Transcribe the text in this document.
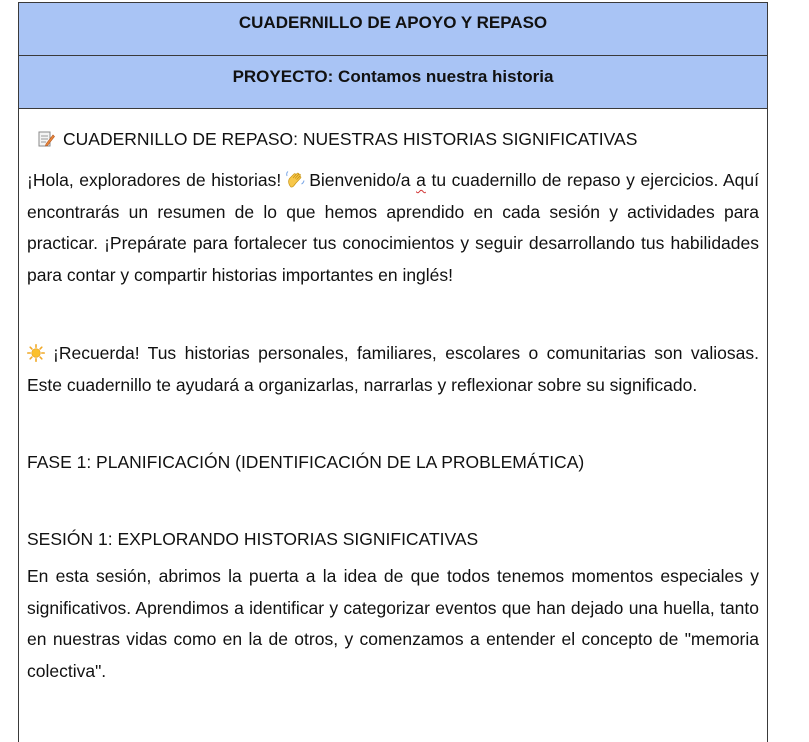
CUADERNILLO DE APOYO Y REPASO
PROYECTO: Contamos nuestra historia
CUADERNILLO DE REPASO: NUESTRAS HISTORIAS SIGNIFICATIVAS

¡Hola, exploradores de historias! Bienvenido/a a tu cuadernillo de repaso y ejercicios. Aquí encontrarás un resumen de lo que hemos aprendido en cada sesión y actividades para practicar. ¡Prepárate para fortalecer tus conocimientos y seguir desarrollando tus habilidades para contar y compartir historias importantes en inglés!

¡Recuerda! Tus historias personales, familiares, escolares o comunitarias son valiosas. Este cuadernillo te ayudará a organizarlas, narrarlas y reflexionar sobre su significado.

FASE 1: PLANIFICACIÓN (IDENTIFICACIÓN DE LA PROBLEMÁTICA)
SESIÓN 1: EXPLORANDO HISTORIAS SIGNIFICATIVAS

En esta sesión, abrimos la puerta a la idea de que todos tenemos momentos especiales y significativos. Aprendimos a identificar y categorizar eventos que han dejado una huella, tanto en nuestras vidas como en la de otros, y comenzamos a entender el concepto de "memoria colectiva".
